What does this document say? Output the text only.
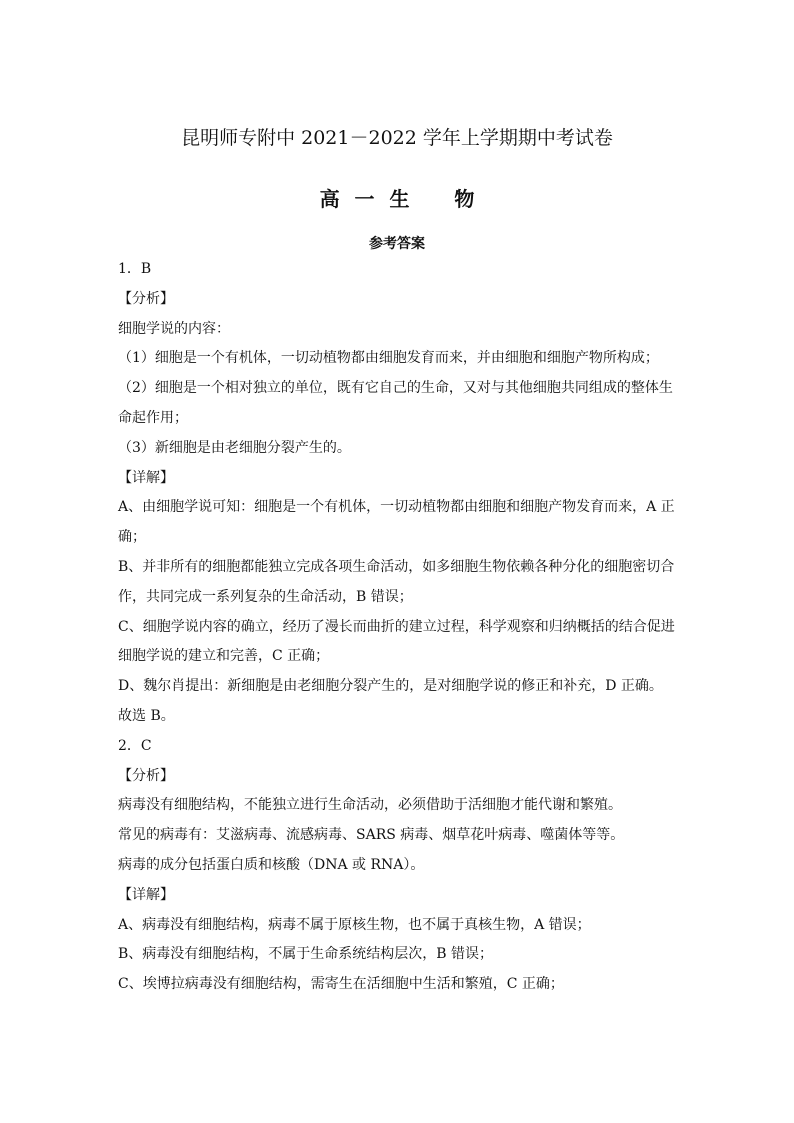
昆明师专附中 2021－2022 学年上学期期中考试卷
高 一 生   物
参考答案
1．B
【分析】
细胞学说的内容：
（1）细胞是一个有机体，一切动植物都由细胞发育而来，并由细胞和细胞产物所构成；
（2）细胞是一个相对独立的单位，既有它自己的生命，又对与其他细胞共同组成的整体生
命起作用；
（3）新细胞是由老细胞分裂产生的。
【详解】
A、由细胞学说可知：细胞是一个有机体，一切动植物都由细胞和细胞产物发育而来，A 正
确；
B、并非所有的细胞都能独立完成各项生命活动，如多细胞生物依赖各种分化的细胞密切合
作，共同完成一系列复杂的生命活动，B 错误；
C、细胞学说内容的确立，经历了漫长而曲折的建立过程，科学观察和归纳概括的结合促进
细胞学说的建立和完善，C 正确；
D、魏尔肖提出：新细胞是由老细胞分裂产生的，是对细胞学说的修正和补充，D 正确。
故选 B。
2．C
【分析】
病毒没有细胞结构，不能独立进行生命活动，必须借助于活细胞才能代谢和繁殖。
常见的病毒有：艾滋病毒、流感病毒、SARS 病毒、烟草花叶病毒、噬菌体等等。
病毒的成分包括蛋白质和核酸（DNA 或 RNA）。
【详解】
A、病毒没有细胞结构，病毒不属于原核生物，也不属于真核生物，A 错误；
B、病毒没有细胞结构，不属于生命系统结构层次，B 错误；
C、埃博拉病毒没有细胞结构，需寄生在活细胞中生活和繁殖，C 正确；
